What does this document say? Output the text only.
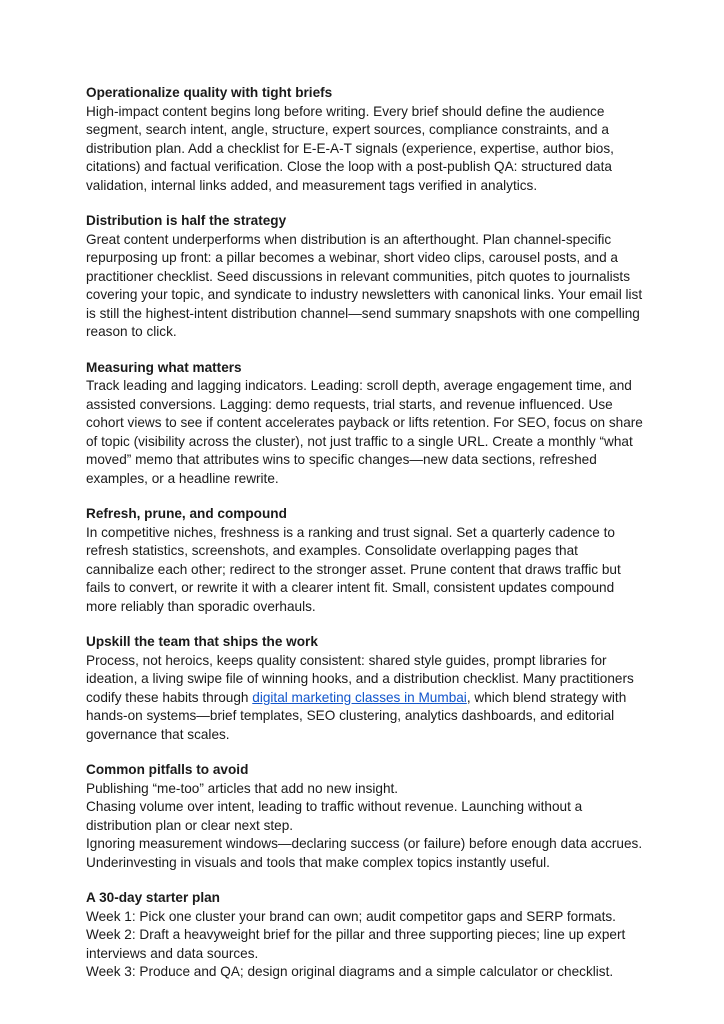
Operationalize quality with tight briefs

High-impact content begins long before writing. Every brief should define the audience segment, search intent, angle, structure, expert sources, compliance constraints, and a distribution plan. Add a checklist for E-E-A-T signals (experience, expertise, author bios, citations) and factual verification. Close the loop with a post-publish QA: structured data validation, internal links added, and measurement tags verified in analytics.

Distribution is half the strategy

Great content underperforms when distribution is an afterthought. Plan channel-specific repurposing up front: a pillar becomes a webinar, short video clips, carousel posts, and a practitioner checklist. Seed discussions in relevant communities, pitch quotes to journalists covering your topic, and syndicate to industry newsletters with canonical links. Your email list is still the highest-intent distribution channel—send summary snapshots with one compelling reason to click.

Measuring what matters

Track leading and lagging indicators. Leading: scroll depth, average engagement time, and assisted conversions. Lagging: demo requests, trial starts, and revenue influenced. Use cohort views to see if content accelerates payback or lifts retention. For SEO, focus on share of topic (visibility across the cluster), not just traffic to a single URL. Create a monthly “what moved” memo that attributes wins to specific changes—new data sections, refreshed examples, or a headline rewrite.

Refresh, prune, and compound

In competitive niches, freshness is a ranking and trust signal. Set a quarterly cadence to refresh statistics, screenshots, and examples. Consolidate overlapping pages that cannibalize each other; redirect to the stronger asset. Prune content that draws traffic but fails to convert, or rewrite it with a clearer intent fit. Small, consistent updates compound more reliably than sporadic overhauls.

Upskill the team that ships the work

Process, not heroics, keeps quality consistent: shared style guides, prompt libraries for ideation, a living swipe file of winning hooks, and a distribution checklist. Many practitioners codify these habits through digital marketing classes in Mumbai, which blend strategy with hands-on systems—brief templates, SEO clustering, analytics dashboards, and editorial governance that scales.

Common pitfalls to avoid

Publishing “me-too” articles that add no new insight.

Chasing volume over intent, leading to traffic without revenue. Launching without a distribution plan or clear next step.

Ignoring measurement windows—declaring success (or failure) before enough data accrues.

Underinvesting in visuals and tools that make complex topics instantly useful.

A 30-day starter plan

Week 1: Pick one cluster your brand can own; audit competitor gaps and SERP formats.

Week 2: Draft a heavyweight brief for the pillar and three supporting pieces; line up expert interviews and data sources.

Week 3: Produce and QA; design original diagrams and a simple calculator or checklist.
